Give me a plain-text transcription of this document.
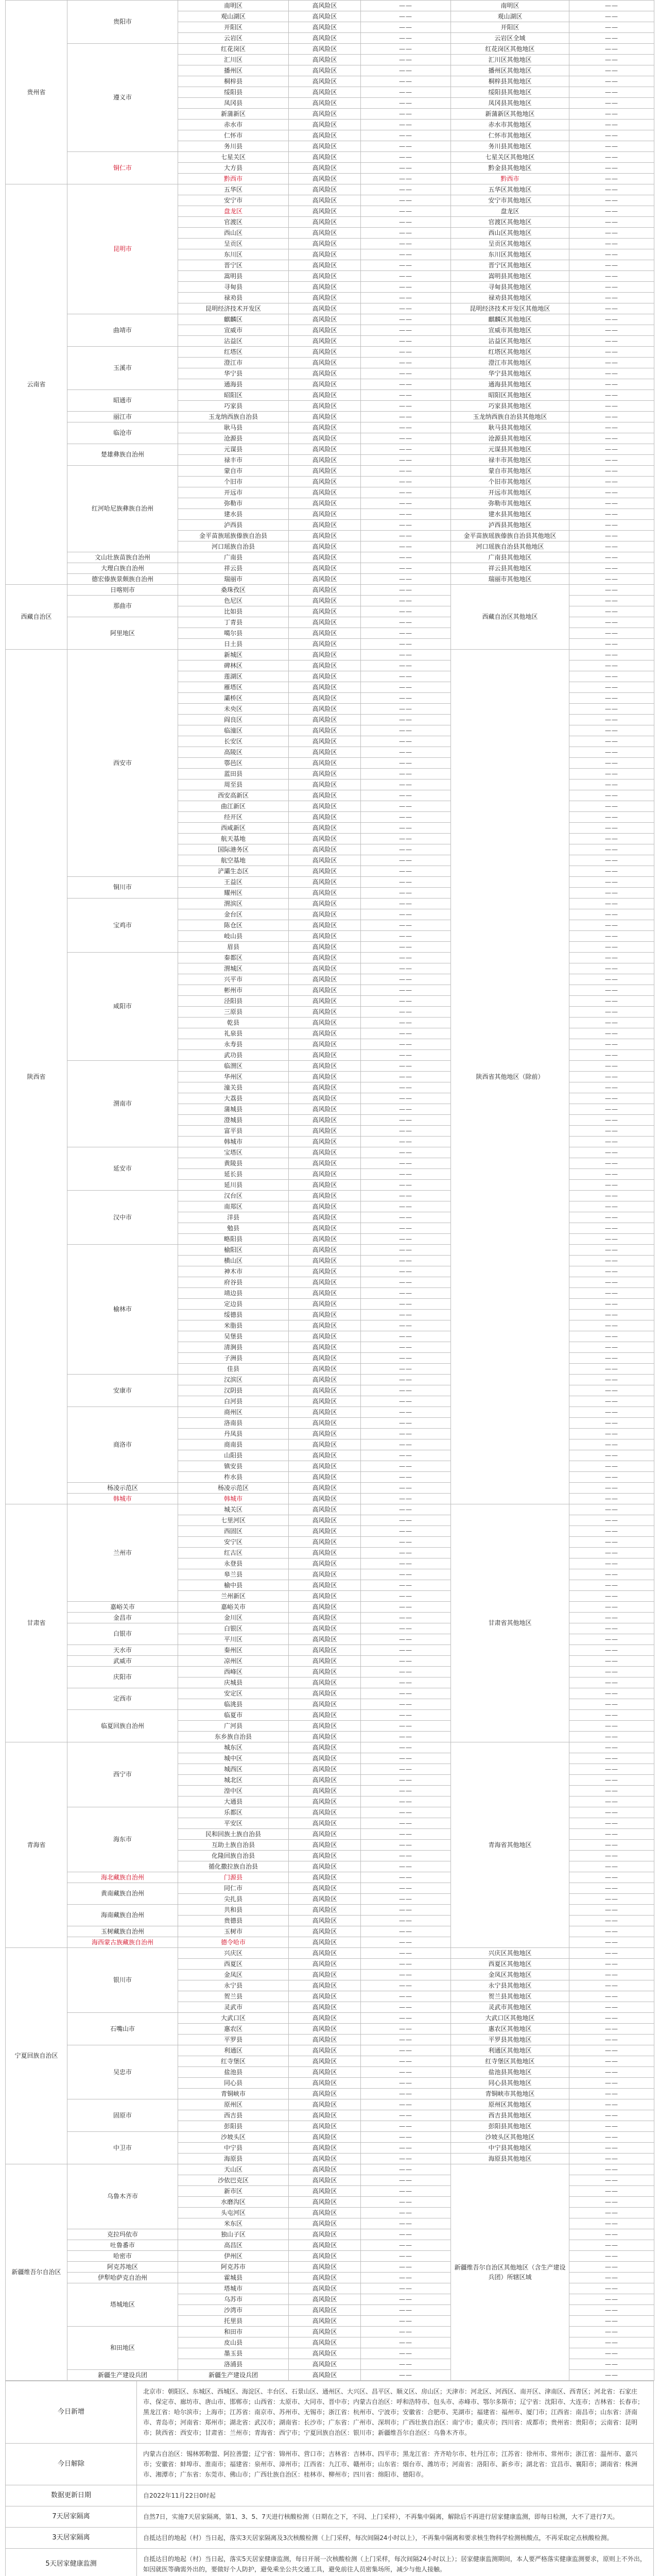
贵州省	贵阳市	南明区	高风险区	——	南明区	——
		观山湖区	高风险区	——	观山湖区	——
		开阳区	高风险区	——	开阳区	——
		云岩区	高风险区	——	云岩区全域	——
	遵义市	红花岗区	高风险区	——	红花岗区其他地区	——
		汇川区	高风险区	——	汇川区其他地区	——
		播州区	高风险区	——	播州区其他地区	——
		桐梓县	高风险区	——	桐梓县其他地区	——
		绥阳县	高风险区	——	绥阳县其他地区	——
		凤冈县	高风险区	——	凤冈县其他地区	——
		新蒲新区	高风险区	——	新蒲新区其他地区	——
		赤水市	高风险区	——	赤水市其他地区	——
		仁怀市	高风险区	——	仁怀市其他地区	——
		务川县	高风险区	——	务川县其他地区	——
	铜仁市	七星关区	高风险区	——	七星关区其他地区	——
		大方县	高风险区	——	黔金县其他地区	——
		黔西市	高风险区	——	黔西市	——
云南省	昆明市	五华区	高风险区	——	五华区其他地区	——
		安宁市	高风险区	——	安宁市其他地区	——
		盘龙区	高风险区	——	盘龙区	——
		官渡区	高风险区	——	官渡区其他地区	——
		西山区	高风险区	——	西山区其他地区	——
		呈贡区	高风险区	——	呈贡区其他地区	——
		东川区	高风险区	——	东川区其他地区	——
		晋宁区	高风险区	——	晋宁区其他地区	——
		嵩明县	高风险区	——	嵩明县其他地区	——
		寻甸县	高风险区	——	寻甸县其他地区	——
		禄劝县	高风险区	——	禄劝县其他地区	——
		昆明经济技术开发区	高风险区	——	昆明经济技术开发区其他地区	——
	曲靖市	麒麟区	高风险区	——	麒麟区其他地区	——
		宣威市	高风险区	——	宣威市其他地区	——
		沾益区	高风险区	——	沾益区其他地区	——
	玉溪市	红塔区	高风险区	——	红塔区其他地区	——
		澄江市	高风险区	——	澄江市其他地区	——
		华宁县	高风险区	——	华宁县其他地区	——
		通海县	高风险区	——	通海县其他地区	——
	昭通市	昭阳区	高风险区	——	昭阳区其他地区	——
		巧家县	高风险区	——	巧家县其他地区	——
	丽江市	玉龙纳西族自治县	高风险区	——	玉龙纳西族自治县其他地区	——
	临沧市	耿马县	高风险区	——	耿马县其他地区	——
		沧源县	高风险区	——	沧源县其他地区	——
	楚雄彝族自治州	元谋县	高风险区	——	元谋县其他地区	——
		禄丰市	高风险区	——	禄丰市其他地区	——
	红河哈尼族彝族自治州	蒙自市	高风险区	——	蒙自市其他地区	——
		个旧市	高风险区	——	个旧市其他地区	——
		开远市	高风险区	——	开远市其他地区	——
		弥勒市	高风险区	——	弥勒市其他地区	——
		建水县	高风险区	——	建水县其他地区	——
		泸西县	高风险区	——	泸西县其他地区	——
		金平苗族瑶族傣族自治县	高风险区	——	金平苗族瑶族傣族自治县其他地区	——
		河口瑶族自治县	高风险区	——	河口瑶族自治县其他地区	——
	文山壮族苗族自治州	广南县	高风险区	——	广南县其他地区	——
	大理白族自治州	祥云县	高风险区	——	祥云县其他地区	——
	德宏傣族景颇族自治州	瑞丽市	高风险区	——	瑞丽市其他地区	——
西藏自治区	日喀则市	桑珠孜区	高风险区	——	西藏自治区其他地区	——
	那曲市	色尼区	高风险区	——		——
		比如县	高风险区	——		——
	阿里地区	丁青县	高风险区	——		——
		噶尔县	高风险区	——		——
		日土县	高风险区	——		——
陕西省	西安市	新城区	高风险区	——	陕西省其他地区（除前）	——
		碑林区	高风险区	——		——
		莲湖区	高风险区	——		——
		雁塔区	高风险区	——		——
		灞桥区	高风险区	——		——
		未央区	高风险区	——		——
		阎良区	高风险区	——		——
		临潼区	高风险区	——		——
		长安区	高风险区	——		——
		高陵区	高风险区	——		——
		鄠邑区	高风险区	——		——
		蓝田县	高风险区	——		——
		周至县	高风险区	——		——
		西安高新区	高风险区	——		——
		曲江新区	高风险区	——		——
		经开区	高风险区	——		——
		西咸新区	高风险区	——		——
		航天基地	高风险区	——		——
		国际港务区	高风险区	——		——
		航空基地	高风险区	——		——
		浐灞生态区	高风险区	——		——
	铜川市	王益区	高风险区	——		——
		耀州区	高风险区	——		——
	宝鸡市	渭滨区	高风险区	——		——
		金台区	高风险区	——		——
		陈仓区	高风险区	——		——
		岐山县	高风险区	——		——
		眉县	高风险区	——		——
	咸阳市	秦都区	高风险区	——		——
		渭城区	高风险区	——		——
		兴平市	高风险区	——		——
		彬州市	高风险区	——		——
		泾阳县	高风险区	——		——
		三原县	高风险区	——		——
		乾县	高风险区	——		——
		礼泉县	高风险区	——		——
		永寿县	高风险区	——		——
		武功县	高风险区	——		——
	渭南市	临渭区	高风险区	——		——
		华州区	高风险区	——		——
		潼关县	高风险区	——		——
		大荔县	高风险区	——		——
		蒲城县	高风险区	——		——
		澄城县	高风险区	——		——
		富平县	高风险区	——		——
		韩城市	高风险区	——		——
	延安市	宝塔区	高风险区	——		——
		黄陵县	高风险区	——		——
		延长县	高风险区	——		——
		延川县	高风险区	——		——
	汉中市	汉台区	高风险区	——		——
		南郑区	高风险区	——		——
		洋县	高风险区	——		——
		勉县	高风险区	——		——
		略阳县	高风险区	——		——
	榆林市	榆阳区	高风险区	——		——
		横山区	高风险区	——		——
		神木市	高风险区	——		——
		府谷县	高风险区	——		——
		靖边县	高风险区	——		——
		定边县	高风险区	——		——
		绥德县	高风险区	——		——
		米脂县	高风险区	——		——
		吴堡县	高风险区	——		——
		清涧县	高风险区	——		——
		子洲县	高风险区	——		——
		佳县	高风险区	——		——
	安康市	汉滨区	高风险区	——		——
		汉阴县	高风险区	——		——
		白河县	高风险区	——		——
	商洛市	商州区	高风险区	——		——
		洛南县	高风险区	——		——
		丹凤县	高风险区	——		——
		商南县	高风险区	——		——
		山阳县	高风险区	——		——
		镇安县	高风险区	——		——
		柞水县	高风险区	——		——
	杨凌示范区	杨凌示范区	高风险区	——		——
	韩城市	韩城市	高风险区	——		——
甘肃省	兰州市	城关区	高风险区	——	甘肃省其他地区	——
		七里河区	高风险区	——		——
		西固区	高风险区	——		——
		安宁区	高风险区	——		——
		红古区	高风险区	——		——
		永登县	高风险区	——		——
		皋兰县	高风险区	——		——
		榆中县	高风险区	——		——
		兰州新区	高风险区	——		——
	嘉峪关市	嘉峪关市	高风险区	——		——
	金昌市	金川区	高风险区	——		——
	白银市	白银区	高风险区	——		——
		平川区	高风险区	——		——
	天水市	秦州区	高风险区	——		——
	武威市	凉州区	高风险区	——		——
	庆阳市	西峰区	高风险区	——		——
		庆城县	高风险区	——		——
	定西市	安定区	高风险区	——		——
		临洮县	高风险区	——		——
	临夏回族自治州	临夏市	高风险区	——		——
		广河县	高风险区	——		——
		东乡族自治县	高风险区	——		——
青海省	西宁市	城东区	高风险区	——	青海省其他地区	——
		城中区	高风险区	——		——
		城西区	高风险区	——		——
		城北区	高风险区	——		——
		湟中区	高风险区	——		——
		大通县	高风险区	——		——
	海东市	乐都区	高风险区	——		——
		平安区	高风险区	——		——
		民和回族土族自治县	高风险区	——		——
		互助土族自治县	高风险区	——		——
		化隆回族自治县	高风险区	——		——
		循化撒拉族自治县	高风险区	——		——
	海北藏族自治州	门源县	高风险区	——		——
	黄南藏族自治州	同仁市	高风险区	——		——
		尖扎县	高风险区	——		——
	海南藏族自治州	共和县	高风险区	——		——
		贵德县	高风险区	——		——
	玉树藏族自治州	玉树市	高风险区	——		——
	海西蒙古族藏族自治州	德令哈市	高风险区	——		——
宁夏回族自治区	银川市	兴庆区	高风险区	——	兴庆区其他地区	——
		西夏区	高风险区	——	西夏区其他地区	——
		金凤区	高风险区	——	金凤区其他地区	——
		永宁县	高风险区	——	永宁县其他地区	——
		贺兰县	高风险区	——	贺兰县其他地区	——
		灵武市	高风险区	——	灵武市其他地区	——
	石嘴山市	大武口区	高风险区	——	大武口区其他地区	——
		惠农区	高风险区	——	惠农区其他地区	——
		平罗县	高风险区	——	平罗县其他地区	——
	吴忠市	利通区	高风险区	——	利通区其他地区	——
		红寺堡区	高风险区	——	红寺堡区其他地区	——
		盐池县	高风险区	——	盐池县其他地区	——
		同心县	高风险区	——	同心县其他地区	——
		青铜峡市	高风险区	——	青铜峡市其他地区	——
	固原市	原州区	高风险区	——	原州区其他地区	——
		西吉县	高风险区	——	西吉县其他地区	——
		彭阳县	高风险区	——	彭阳县其他地区	——
	中卫市	沙坡头区	高风险区	——	沙坡头区其他地区	——
		中宁县	高风险区	——	中宁县其他地区	——
		海原县	高风险区	——	海原县其他地区	——
新疆维吾尔自治区	乌鲁木齐市	天山区	高风险区	——	新疆维吾尔自治区其他地区（含生产建设兵团）所辖区域	——
		沙依巴克区	高风险区	——		——
		新市区	高风险区	——		——
		水磨沟区	高风险区	——		——
		头屯河区	高风险区	——		——
		米东区	高风险区	——		——
	克拉玛依市	独山子区	高风险区	——		——
	吐鲁番市	高昌区	高风险区	——		——
	哈密市	伊州区	高风险区	——		——
	阿克苏地区	阿克苏市	高风险区	——		——
	伊犁哈萨克自治州	霍城县	高风险区	——		——
	塔城地区	塔城市	高风险区	——		——
		乌苏市	高风险区	——		——
		沙湾市	高风险区	——		——
		托里县	高风险区	——		——
	和田地区	和田市	高风险区	——		——
		皮山县	高风险区	——		——
		墨玉县	高风险区	——		——
		洛浦县	高风险区	——		——
	新疆生产建设兵团	新疆生产建设兵团	高风险区	——		——
今日新增	北京市：朝阳区、东城区、西城区、海淀区、丰台区、石景山区、通州区、大兴区、昌平区、顺义区、房山区；天津市：河北区、河西区、南开区、津南区、西青区；河北省：石家庄市、保定市、廊坊市、唐山市、邯郸市；山西省：太原市、大同市、晋中市；内蒙古自治区：呼和浩特市、包头市、赤峰市、鄂尔多斯市；辽宁省：沈阳市、大连市；吉林省：长春市；黑龙江省：哈尔滨市；上海市；江苏省：南京市、苏州市、无锡市；浙江省：杭州市、宁波市；安徽省：合肥市、芜湖市；福建省：福州市、厦门市；江西省：南昌市；山东省：济南市、青岛市；河南省：郑州市；湖北省：武汉市；湖南省：长沙市；广东省：广州市、深圳市；广西壮族自治区：南宁市；重庆市；四川省：成都市；贵州省：贵阳市；云南省：昆明市；陕西省：西安市；甘肃省：兰州市；青海省：西宁市；宁夏回族自治区：银川市；新疆维吾尔自治区：乌鲁木齐市。
今日解除	内蒙古自治区：锡林郭勒盟、阿拉善盟；辽宁省：锦州市、营口市；吉林省：吉林市、四平市；黑龙江省：齐齐哈尔市、牡丹江市；江苏省：徐州市、常州市；浙江省：温州市、嘉兴市；安徽省：蚌埠市、淮南市；福建省：泉州市、漳州市；江西省：九江市、赣州市；山东省：烟台市、潍坊市；河南省：洛阳市、新乡市；湖北省：宜昌市、襄阳市；湖南省：株洲市、湘潭市；广东省：东莞市、佛山市；广西壮族自治区：桂林市、柳州市；四川省：绵阳市、德阳市。
数据更新日期	自2022年11月22日0时起
7天居家隔离	自然7日，实施7天居家隔离，第1、3、5、7天进行核酸检测（日期在之下，不同、上门采样），不再集中隔离，解除后不再进行居家健康监测，即每日检测，大不了进行7天。
3天居家隔离	自抵达目的地起（村）当日起，落实3天居家隔离及3次核酸检测（上门采样，每次间隔24小时以上），不再集中隔离和要求核生物科学检测核酸点，不再采取定点核酸检测。
5天居家健康监测	自抵达目的地起（村）当日起，落实5天居家健康监测，每日开展一次核酸检测（上门采样，每次间隔24小时以上）；居家健康监测期间，本人要严格落实健康监测要求，原则上不外出，如因就医等确需外出的，要做好个人防护，避免乘坐公共交通工具，避免前往人员密集场所，减少与他人接触。
